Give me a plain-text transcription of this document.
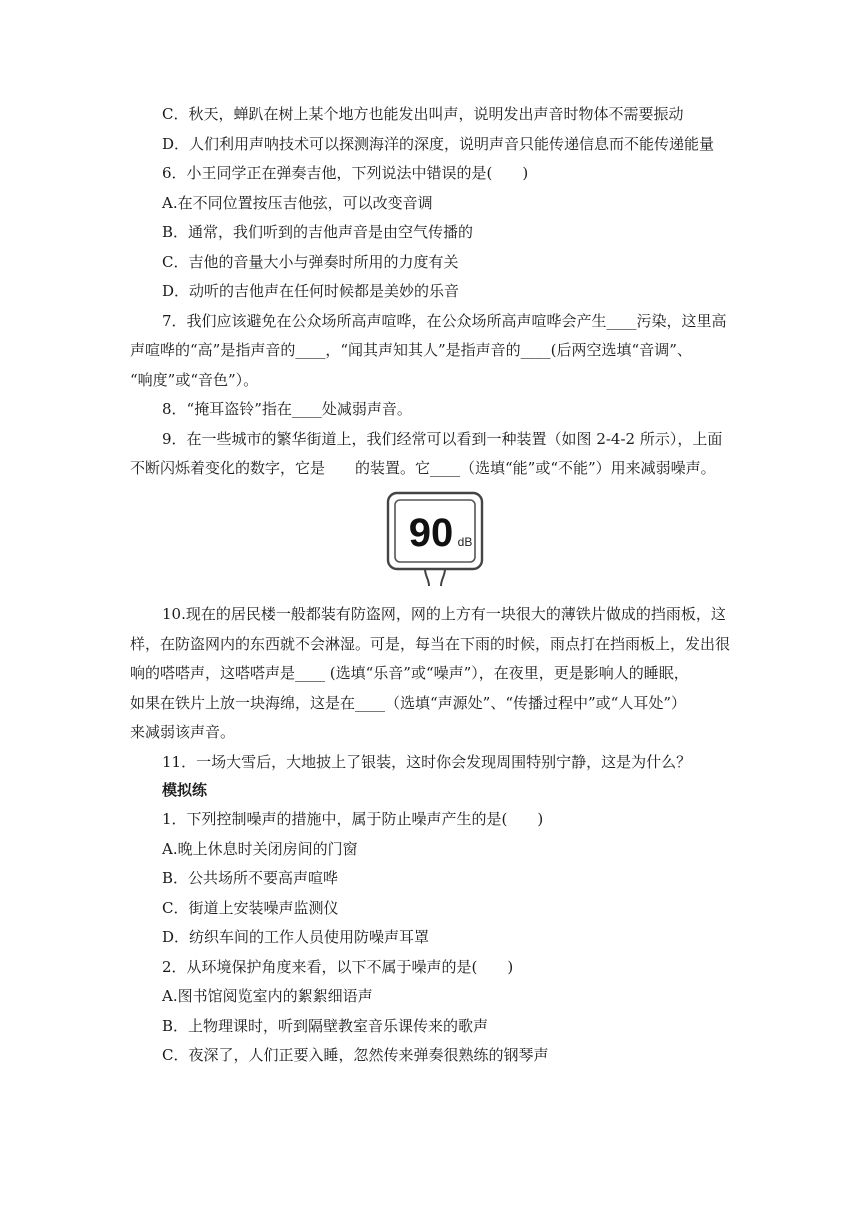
C．秋天，蝉趴在树上某个地方也能发出叫声，说明发出声音时物体不需要振动
D．人们利用声呐技术可以探测海洋的深度，说明声音只能传递信息而不能传递能量
6．小王同学正在弹奏吉他，下列说法中错误的是(　　)
A.在不同位置按压吉他弦，可以改变音调
B．通常，我们听到的吉他声音是由空气传播的
C．吉他的音量大小与弹奏时所用的力度有关
D．动听的吉他声在任何时候都是美妙的乐音
7．我们应该避免在公众场所高声喧哗，在公众场所高声喧哗会产生____污染，这里高
声喧哗的“高”是指声音的____，“闻其声知其人”是指声音的____(后两空选填“音调”、
“响度”或“音色”）。
8．“掩耳盗铃”指在____处减弱声音。
9．在一些城市的繁华街道上，我们经常可以看到一种装置（如图 2-4-2 所示），上面
不断闪烁着变化的数字，它是　　的装置。它____（选填“能”或“不能”）用来减弱噪声。
90 dB
10.现在的居民楼一般都装有防盗网，网的上方有一块很大的薄铁片做成的挡雨板，这
样，在防盗网内的东西就不会淋湿。可是，每当在下雨的时候，雨点打在挡雨板上，发出很
响的嗒嗒声，这嗒嗒声是____ (选填“乐音”或“噪声”），在夜里，更是影响人的睡眠，
如果在铁片上放一块海绵，这是在____（选填“声源处”、“传播过程中”或“人耳处”）
来减弱该声音。
11．一场大雪后，大地披上了银装，这时你会发现周围特别宁静，这是为什么？
模拟练
1．下列控制噪声的措施中，属于防止噪声产生的是(　　)
A.晚上休息时关闭房间的门窗
B．公共场所不要高声喧哗
C．街道上安装噪声监测仪
D．纺织车间的工作人员使用防噪声耳罩
2．从环境保护角度来看，以下不属于噪声的是(　　)
A.图书馆阅览室内的絮絮细语声
B．上物理课时，听到隔壁教室音乐课传来的歌声
C．夜深了，人们正要入睡，忽然传来弹奏很熟练的钢琴声
